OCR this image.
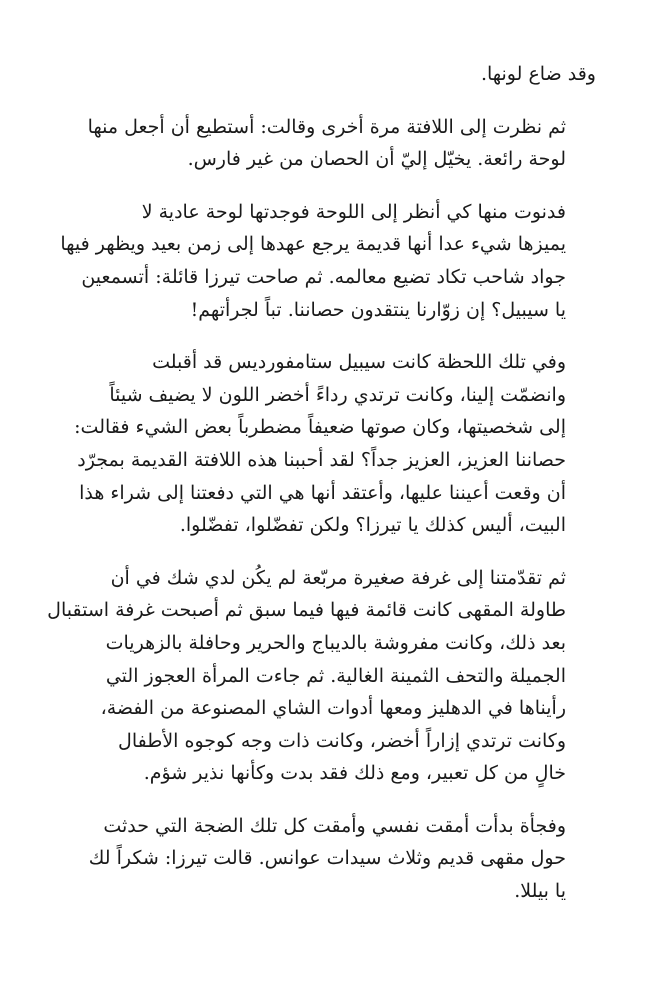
وقد ضاع لونها.

ثم نظرت إلى اللافتة مرة أخرى وقالت: أستطيع أن أجعل منها
لوحة رائعة. يخيّل إليّ أن الحصان من غير فارس.

فدنوت منها كي أنظر إلى اللوحة فوجدتها لوحة عادية لا
يميزها شيء عدا أنها قديمة يرجع عهدها إلى زمن بعيد ويظهر فيها
جواد شاحب تكاد تضيع معالمه. ثم صاحت تيرزا قائلة: أتسمعين
يا سيبيل؟ إن زوّارنا ينتقدون حصاننا. تباً لجرأتهم!

وفي تلك اللحظة كانت سيبيل ستامفورديس قد أقبلت
وانضمّت إلينا، وكانت ترتدي رداءً أخضر اللون لا يضيف شيئاً
إلى شخصيتها، وكان صوتها ضعيفاً مضطرباً بعض الشيء فقالت:
حصاننا العزيز، العزيز جداً؟ لقد أحببنا هذه اللافتة القديمة بمجرّد
أن وقعت أعيننا عليها، وأعتقد أنها هي التي دفعتنا إلى شراء هذا
البيت، أليس كذلك يا تيرزا؟ ولكن تفضّلوا، تفضّلوا.

ثم تقدّمتنا إلى غرفة صغيرة مربّعة لم يكُن لدي شك في أن
طاولة المقهى كانت قائمة فيها فيما سبق ثم أصبحت غرفة استقبال
بعد ذلك، وكانت مفروشة بالديباج والحرير وحافلة بالزهريات
الجميلة والتحف الثمينة الغالية. ثم جاءت المرأة العجوز التي
رأيناها في الدهليز ومعها أدوات الشاي المصنوعة من الفضة،
وكانت ترتدي إزاراً أخضر، وكانت ذات وجه كوجوه الأطفال
خالٍ من كل تعبير، ومع ذلك فقد بدت وكأنها نذير شؤم.

وفجأة بدأت أمقت نفسي وأمقت كل تلك الضجة التي حدثت
حول مقهى قديم وثلاث سيدات عوانس. قالت تيرزا: شكراً لك
يا بيللا.
